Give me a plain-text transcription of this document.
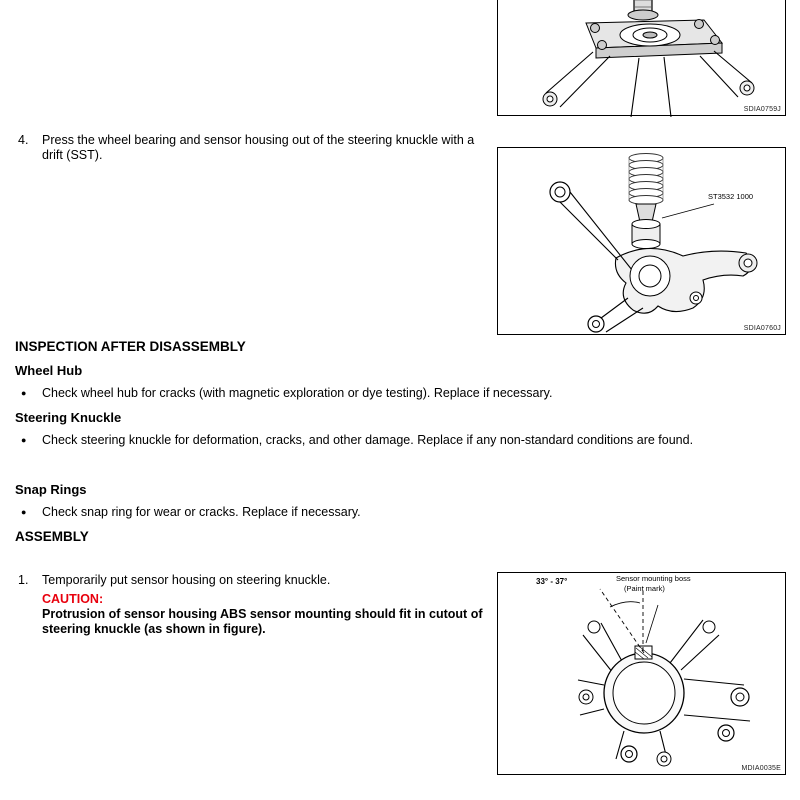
SDIA0759J
4.	Press the wheel bearing and sensor housing out of the steering knuckle with a drift (SST).
ST3532 1000
SDIA0760J
INSPECTION AFTER DISASSEMBLY
Wheel Hub
●	Check wheel hub for cracks (with magnetic exploration or dye testing). Replace if necessary.
Steering Knuckle
●	Check steering knuckle for deformation, cracks, and other damage. Replace if any non-standard conditions are found.
Snap Rings
●	Check snap ring for wear or cracks. Replace if necessary.
ASSEMBLY
1.	Temporarily put sensor housing on steering knuckle.
CAUTION:
Protrusion of sensor housing ABS sensor mounting should fit in cutout of steering knuckle (as shown in figure).
33° - 37°	Sensor mounting boss
(Paint mark)
MDIA0035E
